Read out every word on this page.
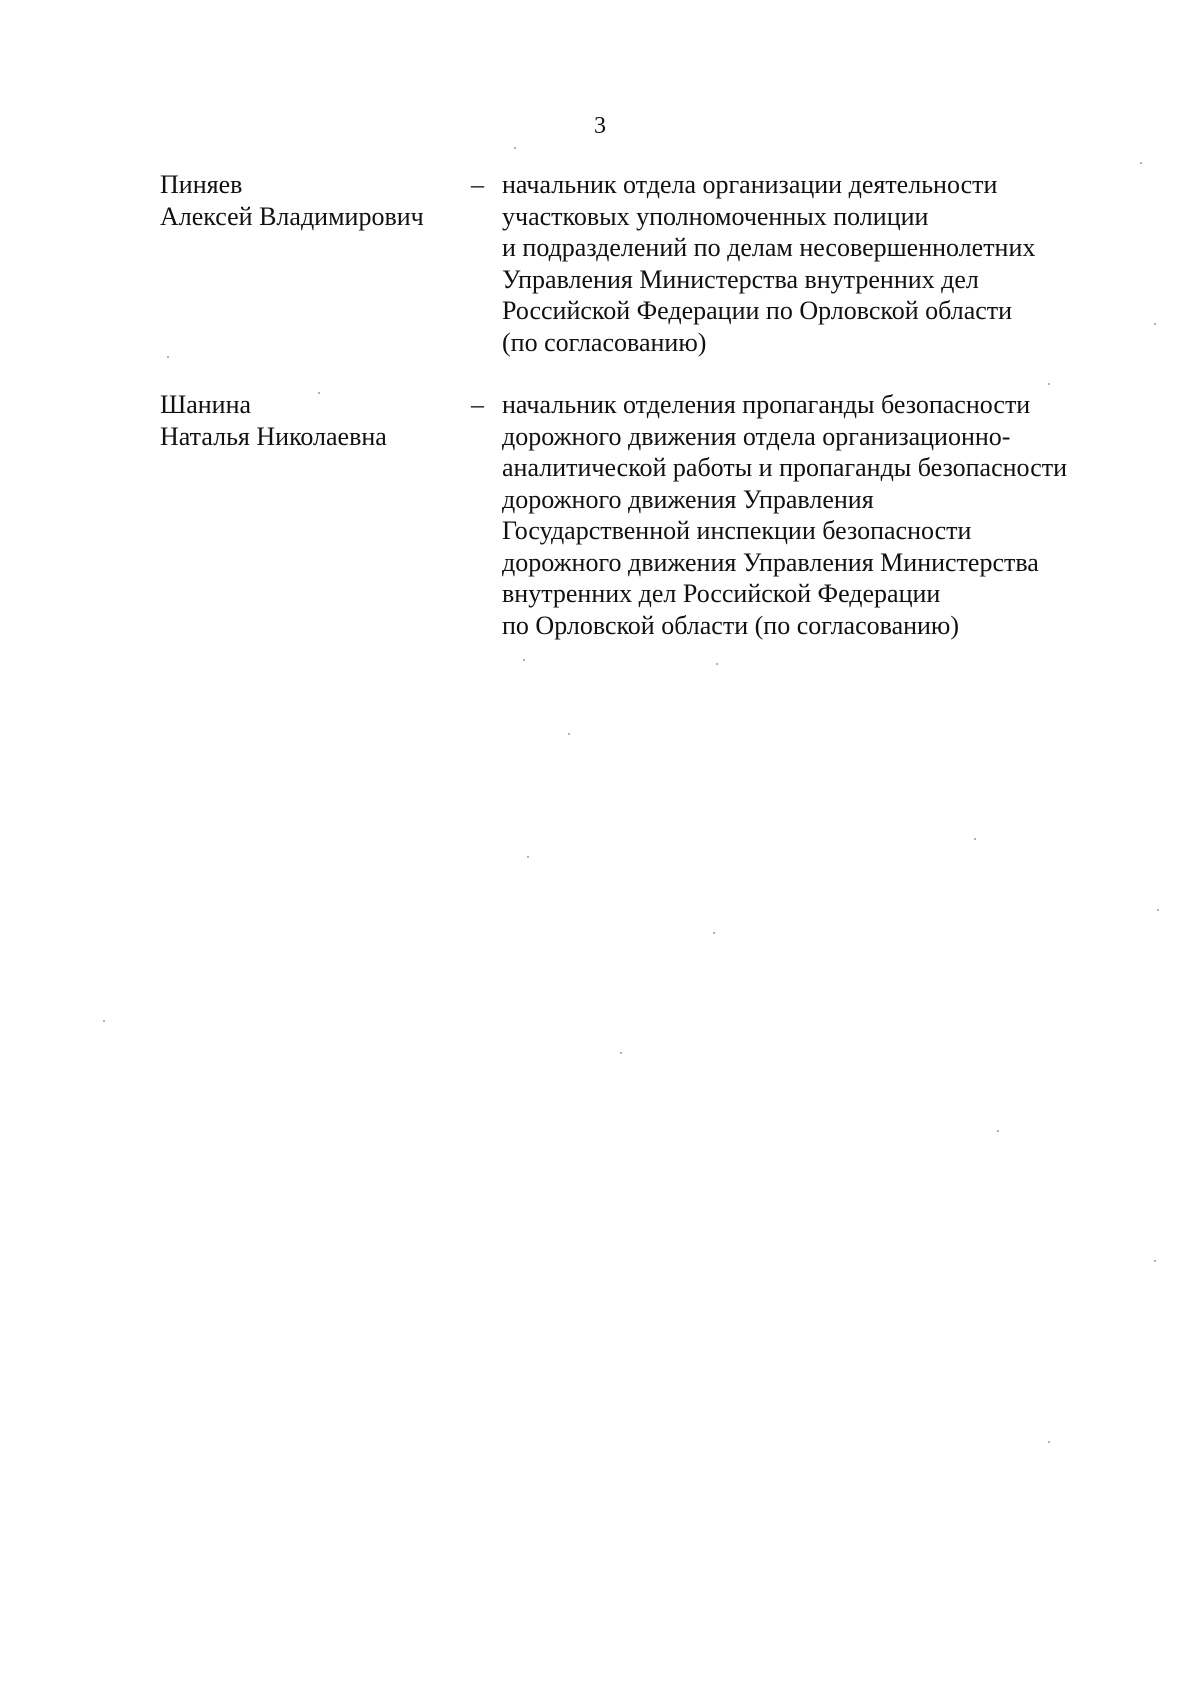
3
Пиняев
Алексей Владимирович
– начальник отдела организации деятельности
участковых уполномоченных полиции
и подразделений по делам несовершеннолетних
Управления Министерства внутренних дел
Российской Федерации по Орловской области
(по согласованию)
Шанина
Наталья Николаевна
– начальник отделения пропаганды безопасности
дорожного движения отдела организационно-
аналитической работы и пропаганды безопасности
дорожного движения Управления
Государственной инспекции безопасности
дорожного движения Управления Министерства
внутренних дел Российской Федерации
по Орловской области (по согласованию)
